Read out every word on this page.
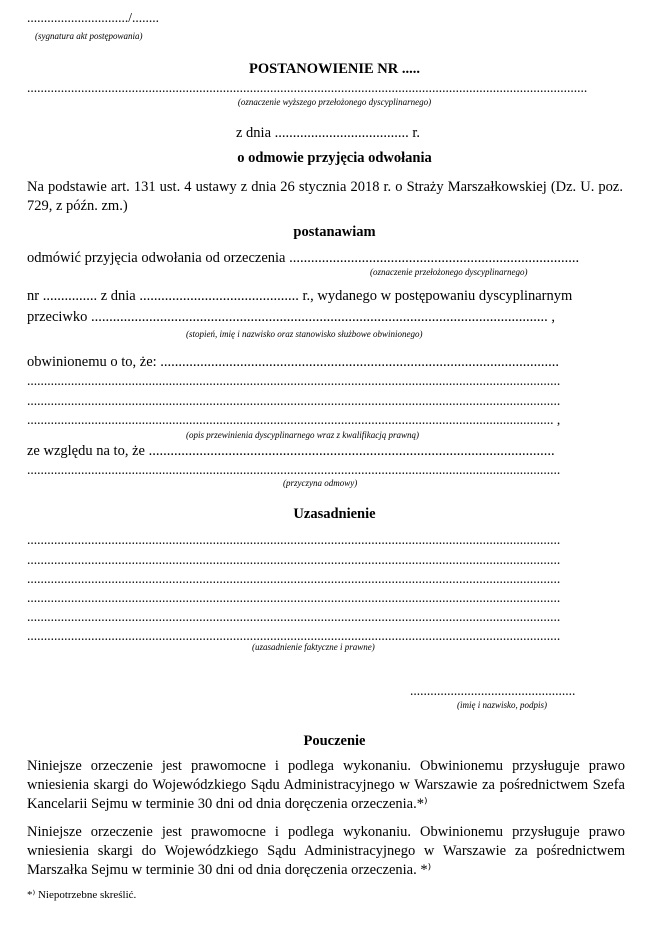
............................../........
(sygnatura akt postępowania)
POSTANOWIENIE NR .....
......................................................................................................................................................................
(oznaczenie wyższego przełożonego dyscyplinarnego)
z dnia ..................................... r.
o odmowie przyjęcia odwołania
Na podstawie art. 131 ust. 4 ustawy z dnia 26 stycznia 2018 r. o Straży Marszałkowskiej (Dz. U. poz. 729, z późn. zm.)
postanawiam
odmówić przyjęcia odwołania od orzeczenia ................................................................................
(oznaczenie przełożonego dyscyplinarnego)
nr ............... z dnia ............................................ r., wydanego w postępowaniu dyscyplinarnym
przeciwko .............................................................................................................................. ,
(stopień, imię i nazwisko oraz stanowisko służbowe obwinionego)
obwinionemu o to, że: ..............................................................................................................
..............................................................................................................................................................
..............................................................................................................................................................
............................................................................................................................................................ ,
(opis przewinienia dyscyplinarnego wraz z kwalifikacją prawną)
ze względu na to, że ................................................................................................................
..............................................................................................................................................................
(przyczyna odmowy)
Uzasadnienie
..............................................................................................................................................................
..............................................................................................................................................................
..............................................................................................................................................................
..............................................................................................................................................................
..............................................................................................................................................................
..............................................................................................................................................................
(uzasadnienie faktyczne i prawne)
.................................................
(imię i nazwisko, podpis)
Pouczenie
Niniejsze orzeczenie jest prawomocne i podlega wykonaniu. Obwinionemu przysługuje prawo wniesienia skargi do Wojewódzkiego Sądu Administracyjnego w Warszawie za pośrednictwem Szefa Kancelarii Sejmu w terminie 30 dni od dnia doręczenia orzeczenia.*⁾
Niniejsze orzeczenie jest prawomocne i podlega wykonaniu. Obwinionemu przysługuje prawo wniesienia skargi do Wojewódzkiego Sądu Administracyjnego w Warszawie za pośrednictwem Marszałka Sejmu w terminie 30 dni od dnia doręczenia orzeczenia. *⁾
*⁾ Niepotrzebne skreślić.
